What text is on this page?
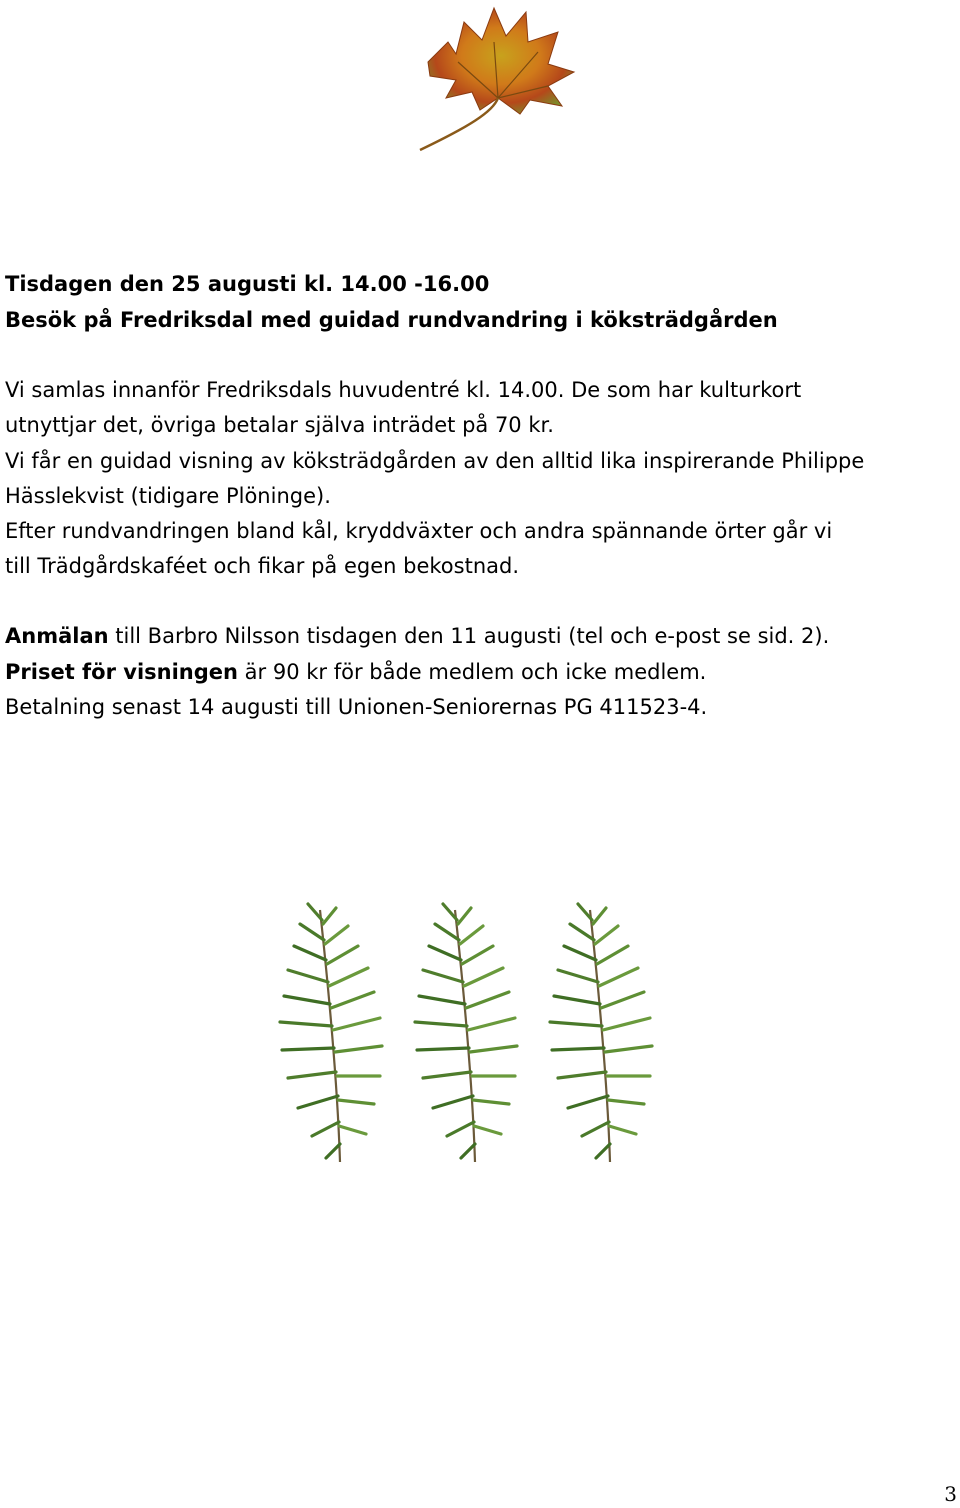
Tisdagen den 25 augusti kl. 14.00 -16.00
Besök på Fredriksdal med guidad rundvandring i köksträdgården
Vi samlas innanför Fredriksdals huvudentré kl. 14.00. De som har kulturkort
utnyttjar det, övriga betalar själva inträdet på 70 kr.
Vi får en guidad visning av köksträdgården av den alltid lika inspirerande Philippe
Hässlekvist (tidigare Plöninge).
Efter rundvandringen bland kål, kryddväxter och andra spännande örter går vi
till Trädgårdskaféet och fikar på egen bekostnad.
Anmälan till Barbro Nilsson tisdagen den 11 augusti (tel och e-post se sid. 2).
Priset för visningen är 90 kr för både medlem och icke medlem.
Betalning senast 14 augusti till Unionen-Seniorernas PG 411523-4.
3
